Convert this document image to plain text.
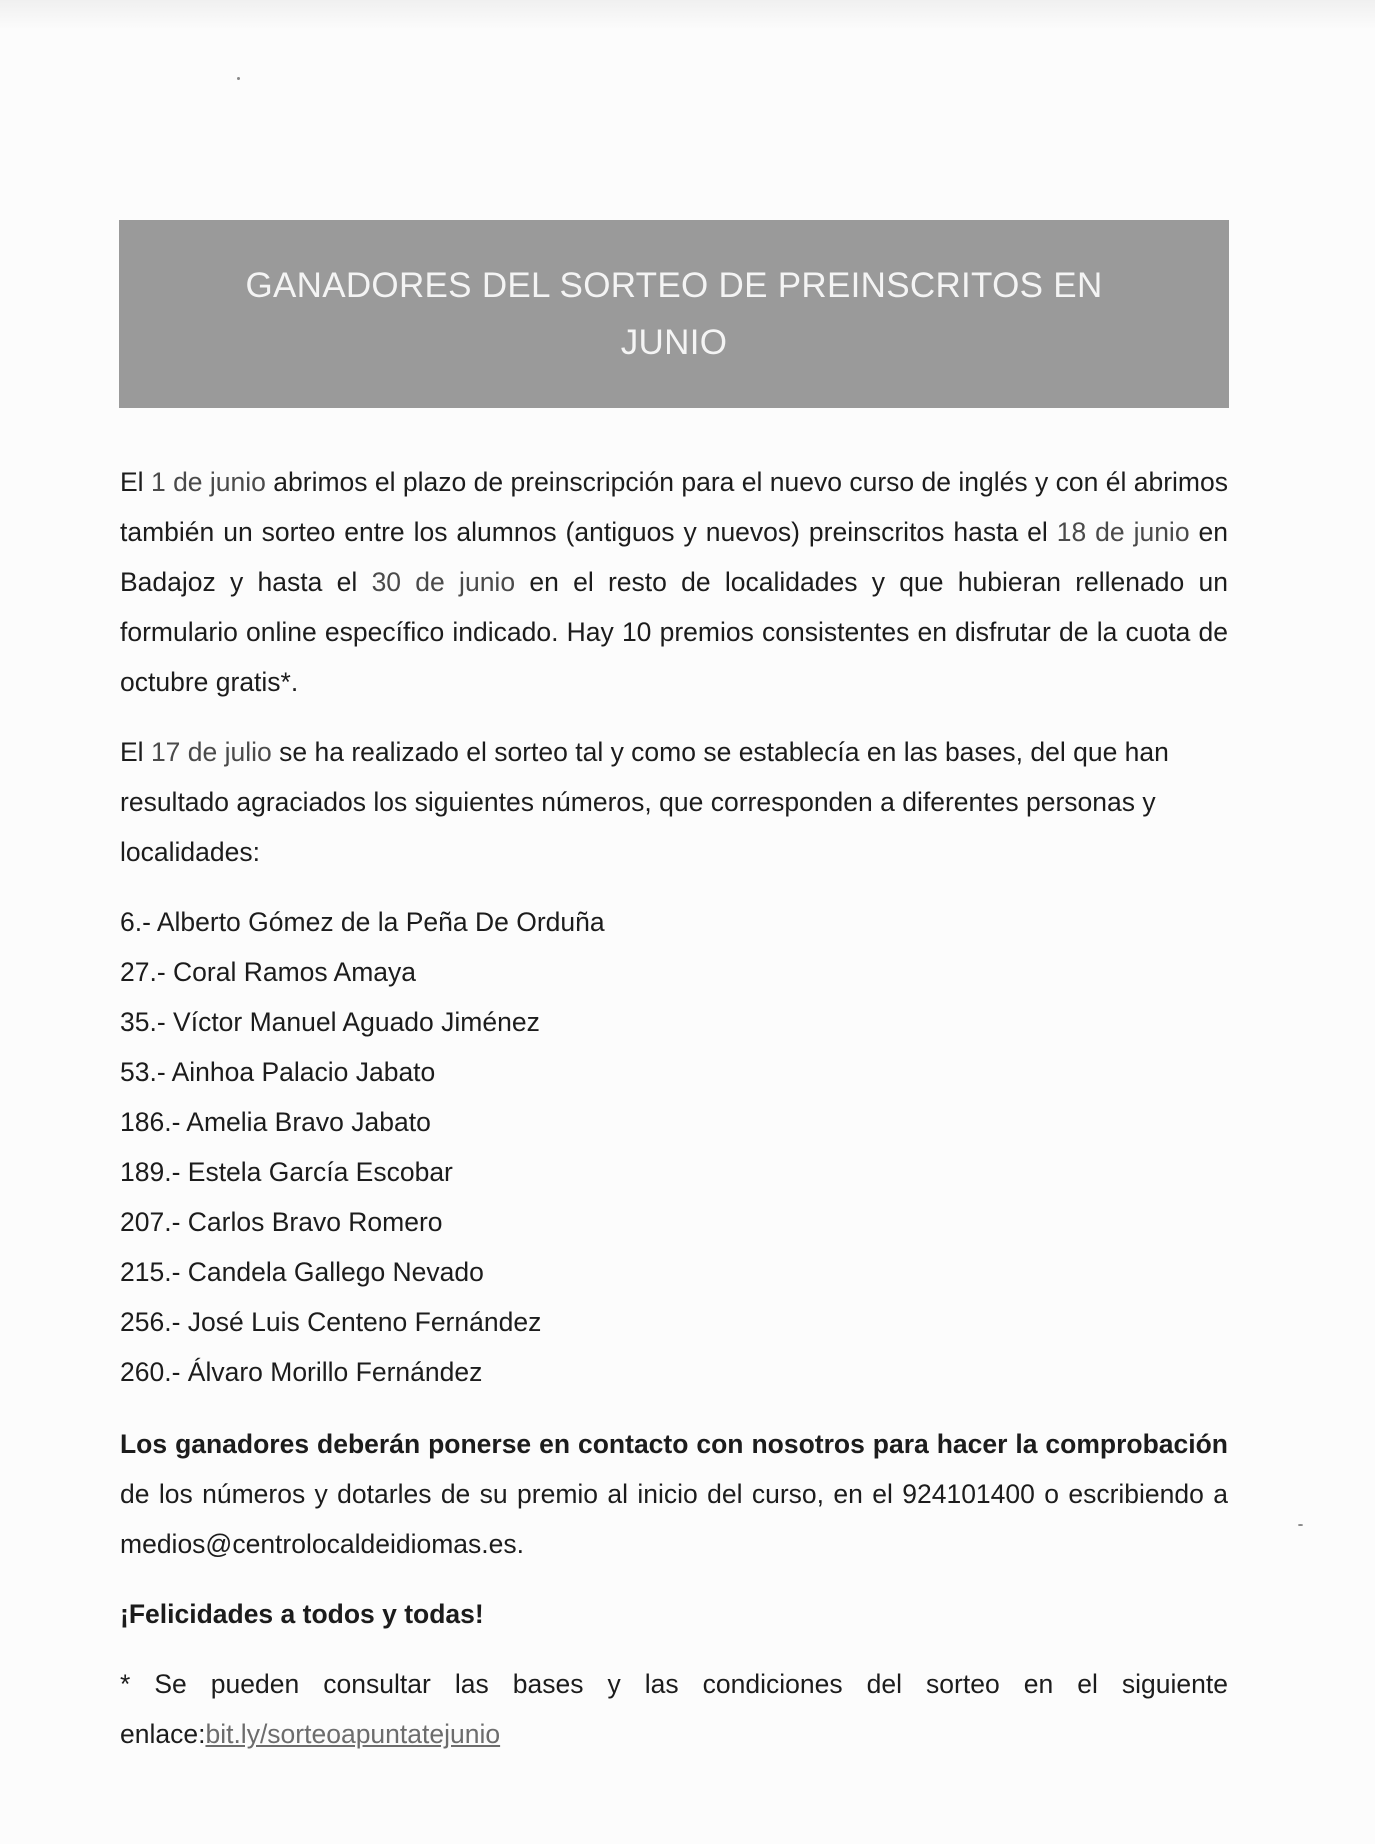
GANADORES DEL SORTEO DE PREINSCRITOS EN
JUNIO

El 1 de junio abrimos el plazo de preinscripción para el nuevo curso de inglés y con él abrimos también un sorteo entre los alumnos (antiguos y nuevos) preinscritos hasta el 18 de junio en Badajoz y hasta el 30 de junio en el resto de localidades y que hubieran rellenado un formulario online específico indicado. Hay 10 premios consistentes en disfrutar de la cuota de octubre gratis*.

El 17 de julio se ha realizado el sorteo tal y como se establecía en las bases, del que han resultado agraciados los siguientes números, que corresponden a diferentes personas y localidades:

6.- Alberto Gómez de la Peña De Orduña
27.- Coral Ramos Amaya
35.- Víctor Manuel Aguado Jiménez
53.- Ainhoa Palacio Jabato
186.- Amelia Bravo Jabato
189.- Estela García Escobar
207.- Carlos Bravo Romero
215.- Candela Gallego Nevado
256.- José Luis Centeno Fernández
260.- Álvaro Morillo Fernández

Los ganadores deberán ponerse en contacto con nosotros para hacer la comprobación de los números y dotarles de su premio al inicio del curso, en el 924101400 o escribiendo a medios@centrolocaldeidiomas.es.

¡Felicidades a todos y todas!

* Se pueden consultar las bases y las condiciones del sorteo en el siguiente enlace:bit.ly/sorteoapuntatejunio
